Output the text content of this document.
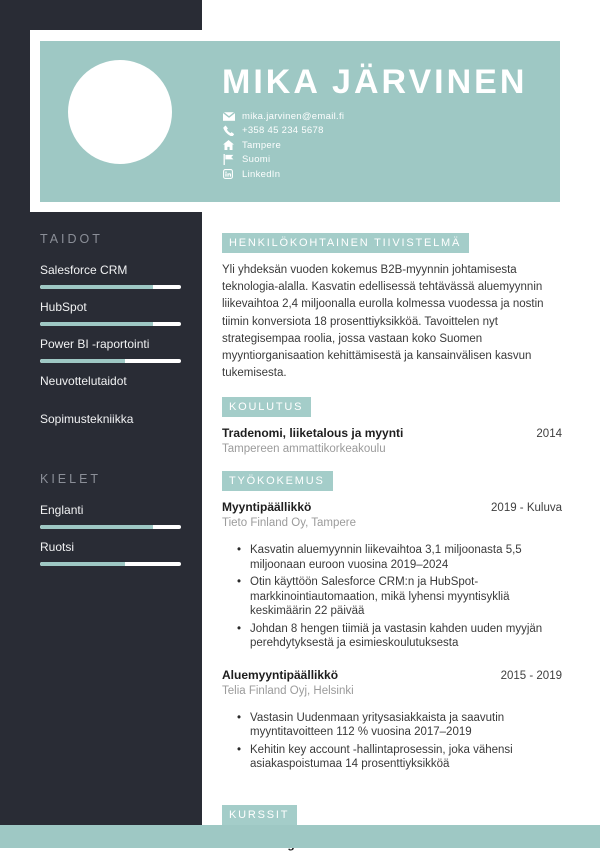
MIKA JÄRVINEN
mika.jarvinen@email.fi
+358 45 234 5678
Tampere
Suomi
LinkedIn
TAIDOT
Salesforce CRM
HubSpot
Power BI -raportointi
Neuvottelutaidot
Sopimustekniikka
KIELET
Englanti
Ruotsi
HENKILÖKOHTAINEN TIIVISTELMÄ

Yli yhdeksän vuoden kokemus B2B-myynnin johtamisesta teknologia-alalla. Kasvatin edellisessä tehtävässä aluemyynnin liikevaihtoa 2,4 miljoonalla eurolla kolmessa vuodessa ja nostin tiimin konversiota 18 prosenttiyksikköä. Tavoittelen nyt strategisempaa roolia, jossa vastaan koko Suomen myyntiorganisaation kehittämisestä ja kansainvälisen kasvun tukemisesta.

KOULUTUS
Tradenomi, liiketalous ja myynti	2014
Tampereen ammattikorkeakoulu
TYÖKOKEMUS
Myyntipäällikkö	2019 - Kuluva
Tieto Finland Oy, Tampere
• Kasvatin aluemyynnin liikevaihtoa 3,1 miljoonasta 5,5 miljoonaan euroon vuosina 2019–2024
• Otin käyttöön Salesforce CRM:n ja HubSpot-markkinointiautomaation, mikä lyhensi myyntisykliä keskimäärin 22 päivää
• Johdan 8 hengen tiimiä ja vastasin kahden uuden myyjän perehdytyksestä ja esimieskoulutuksesta
Aluemyyntipäällikkö	2015 - 2019
Telia Finland Oyj, Helsinki
• Vastasin Uudenmaan yritysasiakkaista ja saavutin myyntitavoitteen 112 % vuosina 2017–2019
• Kehitin key account -hallintaprosessin, joka vähensi asiakaspoistumaa 14 prosenttiyksikköä
KURSSIT
